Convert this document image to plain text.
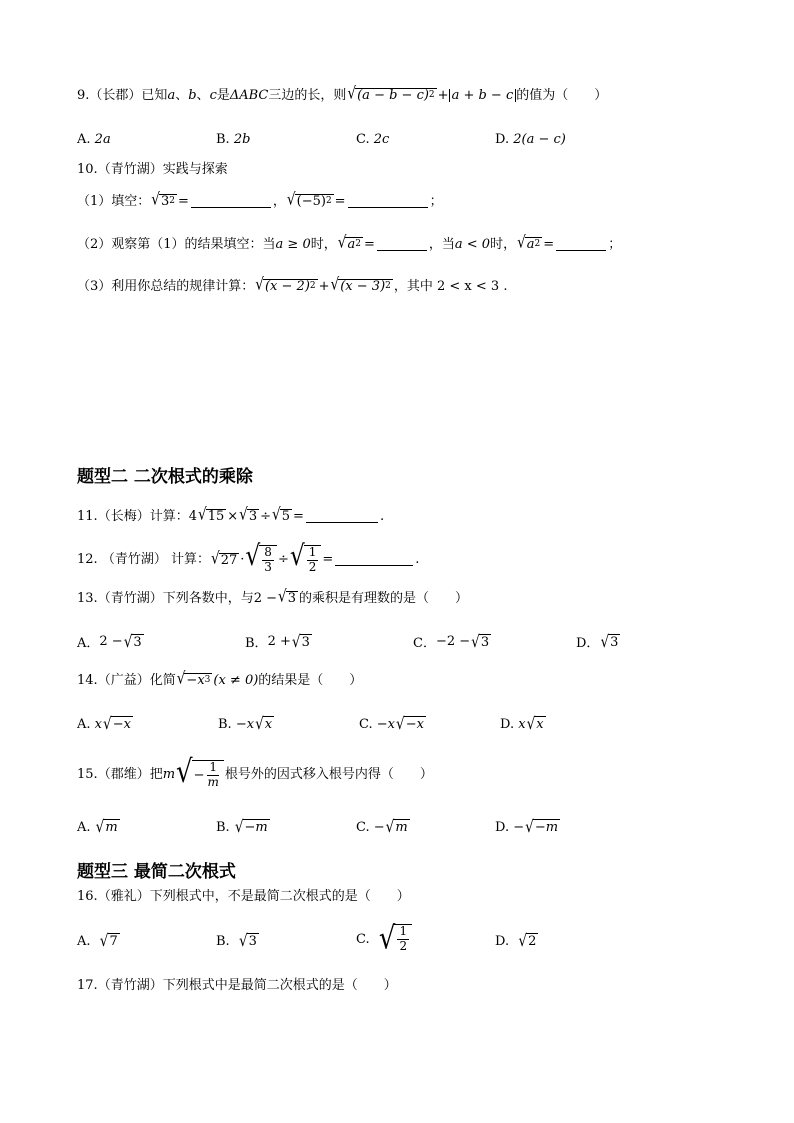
9. （长郡） 已知 a 、 b 、 c 是 ΔABC 三边的长，则 √ (a − b − c) 2 + a + b − c 的值为（　　）
A.
2a	B.
2b	C.
2c	D.
2(a − c)
10. （青竹湖） 实践与探索
（1）填空： √ 3 2 =	， √ (−5) 2 =	；
（2）观察第（1）的结果填空：当 a ≥ 0 时， √ a 2 =	，当 a < 0 时， √ a 2 =	；
（3）利用你总结的规律计算： √ (x − 2) 2 + √ (x − 3) 2 ，其中 2 < x < 3 .
题型二 二次根式的乘除
11. （长梅） 计算： 4 √ 15 × √ 3 ÷ √ 5 =	.
12.
（青竹湖）
计算： √ 27 · √ $\frac{8}{3}$ ÷ √ $\frac{1}{2}$ =	.
13. （青竹湖） 下列各数中，与 2 − √ 3 的乘积是有理数的是（　　）
A． 2 − √ 3	B． 2 + √ 3	C． −2 − √ 3	D． √ 3
14. （广益） 化简 √ −x 3 (x ≠ 0) 的结果是（　　）
A.
x √ −x	B.
−x √ x	C.
−x √ −x	D.
x √ x
15. （郡维） 把 m √ − $\frac{1}{m}$ 根号外的因式移入根号内得（　　）
A.
√ m	B.
√ −m	C.
− √ m	D.
− √ −m
题型三 最简二次根式
16. （雅礼） 下列根式中，不是最简二次根式的是（　　）
A.
√ 7	B.
√ 3	C.
√ $\frac{1}{2}$	D.
√ 2
17. （青竹湖） 下列根式中是最简二次根式的是（　　）
